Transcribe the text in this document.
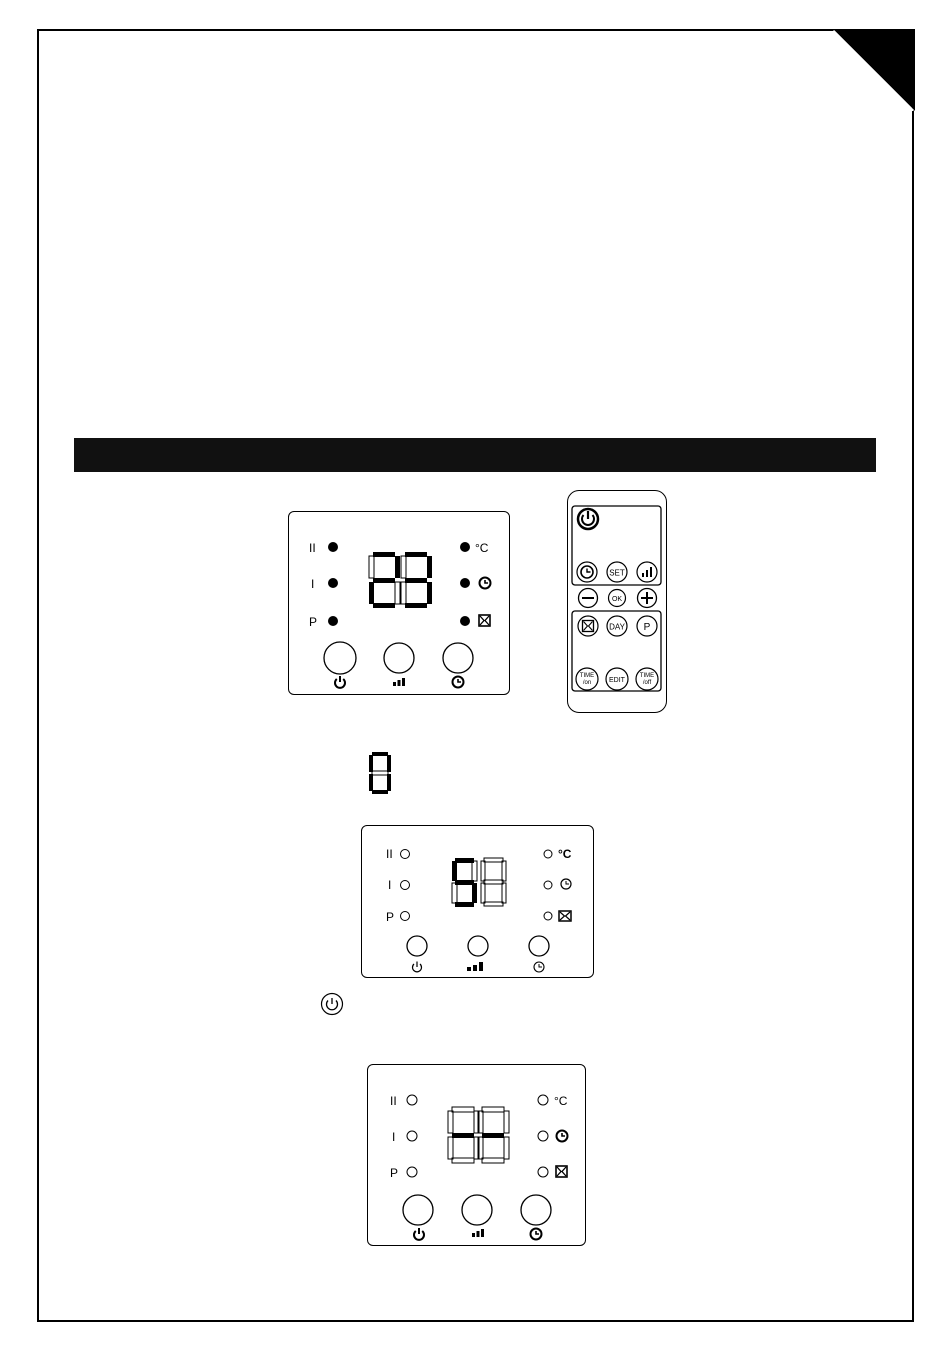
II
I
P
°C
SET
OK
DAY P
TIME
/on	EDIT
TIME
/off
8
II
I
P
°C
II
I
P
°C
